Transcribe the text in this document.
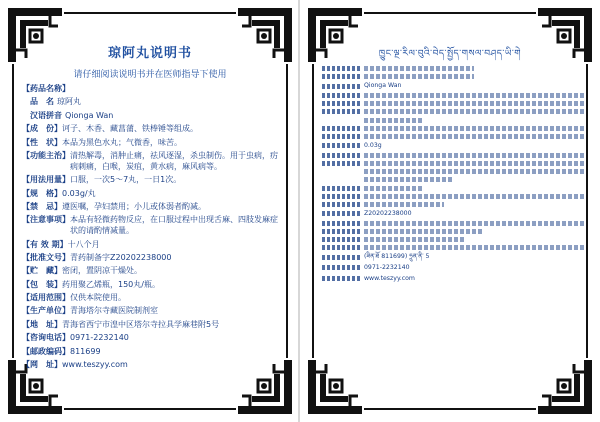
琼阿丸说明书
请仔细阅读说明书并在医师指导下使用
【 药品名称 】
品　名 琼阿丸
汉语拼音 Qionga Wan
【 成　份 】	诃子、木香、藏菖蒲、铁棒锤等组成。
【 性　状 】	本品为黑色水丸；气微香，味苦。
【 功能主治 】	清热解毒，消肿止痛，祛风逐湿，杀虫制伤。用于虫病，疠病刺痛，白喉，炭疽，黄水病，麻风病等。
【 用法用量 】	口服，一次5～7丸，一日1次。
【 规　格 】	0.03g/丸
【 禁　忌 】	遵医嘱，孕妇禁用；小儿或体弱者酌减。
【 注意事项 】	本品有轻微药物反应，在口服过程中出现舌麻、四肢发麻症状的请酌情减量。
【 有 效 期 】	十八个月
【 批准文号 】	青药制备字Z20202238000
【 贮　藏 】	密闭，置阴凉干燥处。
【 包　装 】	药用聚乙烯瓶，150丸/瓶。
【 适用范围 】	仅供本院使用。
【 生产单位 】	青海塔尔寺藏医院制剂室
【 地　址 】	青海省西宁市湟中区塔尔寺拉具学麻巷附5号
【 咨询电话 】	0971-2232140
【 邮政编码 】	811699
【 网　址 】	www.teszyy.com
ཁྱུང་ལྔ་རིལ་བུའི་བེད་སྤྱོད་གསལ་བཤད་ཡི་གེ
Qionga Wan
0.03g
Z20202238000
(ཟིན་ཐོ 811699) ཧྲུན་ནི་ 5
0971-2232140
www.teszyy.com
